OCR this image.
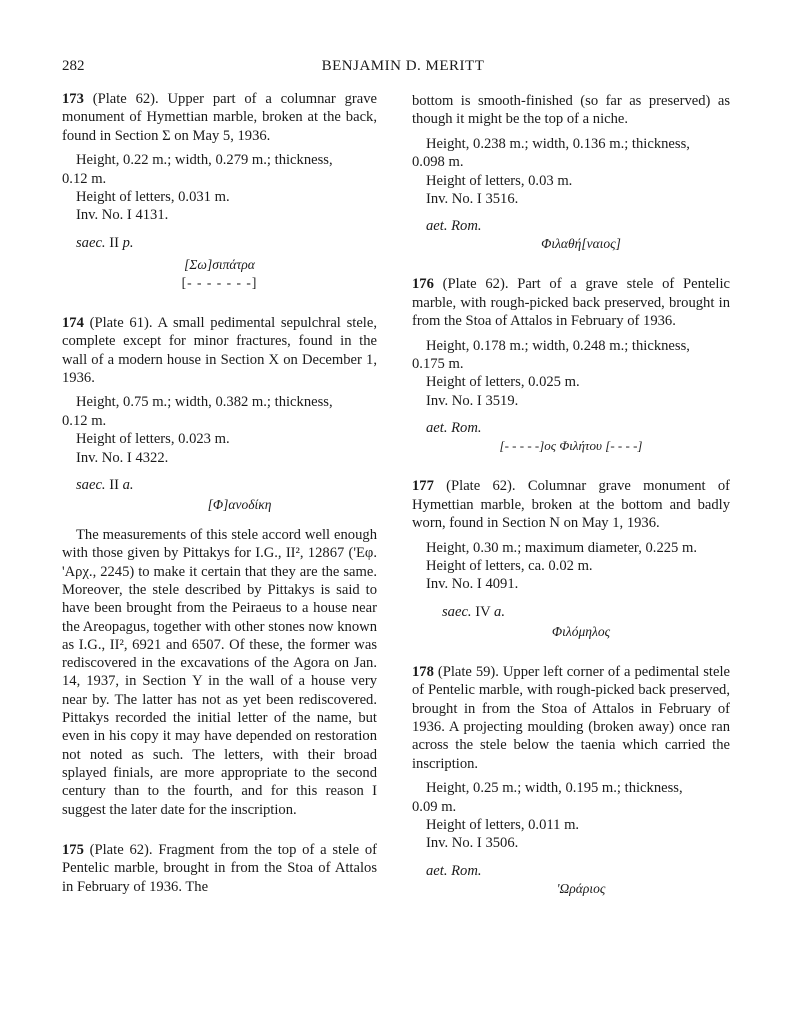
282	BENJAMIN D. MERITT

173 (Plate 62). Upper part of a columnar grave monument of Hymettian marble, broken at the back, found in Section Σ on May 5, 1936.

Height, 0.22 m.; width, 0.279 m.; thickness,
0.12 m.
Height of letters, 0.031 m.
Inv. No. I 4131.
saec. II p.
[Σω]σιπάτρα
[- - - - - - -]

174 (Plate 61). A small pedimental sepulchral stele, complete except for minor fractures, found in the wall of a modern house in Section X on December 1, 1936.

Height, 0.75 m.; width, 0.382 m.; thickness,
0.12 m.
Height of letters, 0.023 m.
Inv. No. I 4322.
saec. II a.
[Φ]ανοδίκη

The measurements of this stele accord well enough with those given by Pittakys for I.G., II², 12867 ('Εφ. 'Αρχ., 2245) to make it certain that they are the same. Moreover, the stele described by Pittakys is said to have been brought from the Peiraeus to a house near the Areopagus, together with other stones now known as I.G., II², 6921 and 6507. Of these, the former was rediscovered in the excavations of the Agora on Jan. 14, 1937, in Section Υ in the wall of a house very near by. The latter has not as yet been rediscovered. Pittakys recorded the initial letter of the name, but even in his copy it may have depended on restoration not noted as such. The letters, with their broad splayed finials, are more appropriate to the second century than to the fourth, and for this reason I suggest the later date for the inscription.

175 (Plate 62). Fragment from the top of a stele of Pentelic marble, brought in from the Stoa of Attalos in February of 1936. The

bottom is smooth-finished (so far as preserved) as though it might be the top of a niche.

Height, 0.238 m.; width, 0.136 m.; thickness,
0.098 m.
Height of letters, 0.03 m.
Inv. No. I 3516.
aet. Rom.
Φιλαθή[ναιος]

176 (Plate 62). Part of a grave stele of Pentelic marble, with rough-picked back preserved, brought in from the Stoa of Attalos in February of 1936.

Height, 0.178 m.; width, 0.248 m.; thickness,
0.175 m.
Height of letters, 0.025 m.
Inv. No. I 3519.
aet. Rom.
[- - - - -]ος Φιλήτου [- - - -]

177 (Plate 62). Columnar grave monument of Hymettian marble, broken at the bottom and badly worn, found in Section N on May 1, 1936.

Height, 0.30 m.; maximum diameter, 0.225 m.
Height of letters, ca. 0.02 m.
Inv. No. I 4091.
saec. IV a.
Φιλόμηλος

178 (Plate 59). Upper left corner of a pedimental stele of Pentelic marble, with rough-picked back preserved, brought in from the Stoa of Attalos in February of 1936. A projecting moulding (broken away) once ran across the stele below the taenia which carried the inscription.

Height, 0.25 m.; width, 0.195 m.; thickness,
0.09 m.
Height of letters, 0.011 m.
Inv. No. I 3506.
aet. Rom.
'Ωράριος
